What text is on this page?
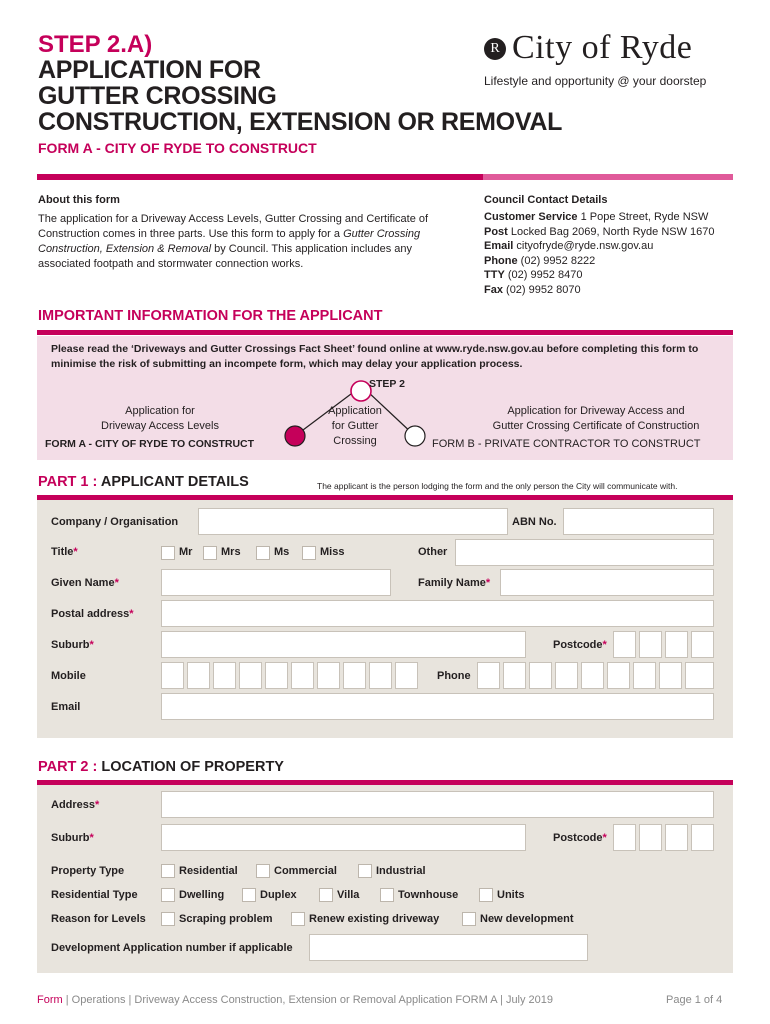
STEP 2.A)
APPLICATION FOR
GUTTER CROSSING
CONSTRUCTION, EXTENSION OR REMOVAL
FORM A - CITY OF RYDE TO CONSTRUCT
R City of Ryde
Lifestyle and opportunity @ your doorstep
About this form
The application for a Driveway Access Levels, Gutter Crossing and Certificate of Construction comes in three parts. Use this form to apply for a Gutter Crossing Construction, Extension & Removal by Council. This application includes any associated footpath and stormwater connection works.
Council Contact Details
Customer Service 1 Pope Street, Ryde NSW
Post Locked Bag 2069, North Ryde NSW 1670
Email cityofryde@ryde.nsw.gov.au
Phone (02) 9952 8222
TTY (02) 9952 8470
Fax (02) 9952 8070
IMPORTANT INFORMATION FOR THE APPLICANT
Please read the ‘Driveways and Gutter Crossings Fact Sheet’ found online at www.ryde.nsw.gov.au before completing this form to minimise the risk of submitting an incompete form, which may delay your application process.
STEP 2
Application for
Driveway Access Levels
FORM A - CITY OF RYDE TO CONSTRUCT
Application
for Gutter
Crossing
Application for Driveway Access and
Gutter Crossing Certificate of Construction
FORM B - PRIVATE CONTRACTOR TO CONSTRUCT
PART 1 : APPLICANT DETAILS	The applicant is the person lodging the form and the only person the City will communicate with.
Company / Organisation	ABN No.
Title*	Mr	Mrs	Ms	Miss	Other
Given Name*	Family Name*
Postal address*
Suburb*	Postcode*
Mobile	Phone
Email
PART 2 : LOCATION OF PROPERTY
Address*
Suburb*	Postcode*
Property Type	Residential	Commercial	Industrial
Residential Type	Dwelling	Duplex	Villa	Townhouse	Units
Reason for Levels	Scraping problem	Renew existing driveway	New development
Development Application number if applicable
Form | Operations | Driveway Access Construction, Extension or Removal Application FORM A | July 2019	Page 1 of 4
